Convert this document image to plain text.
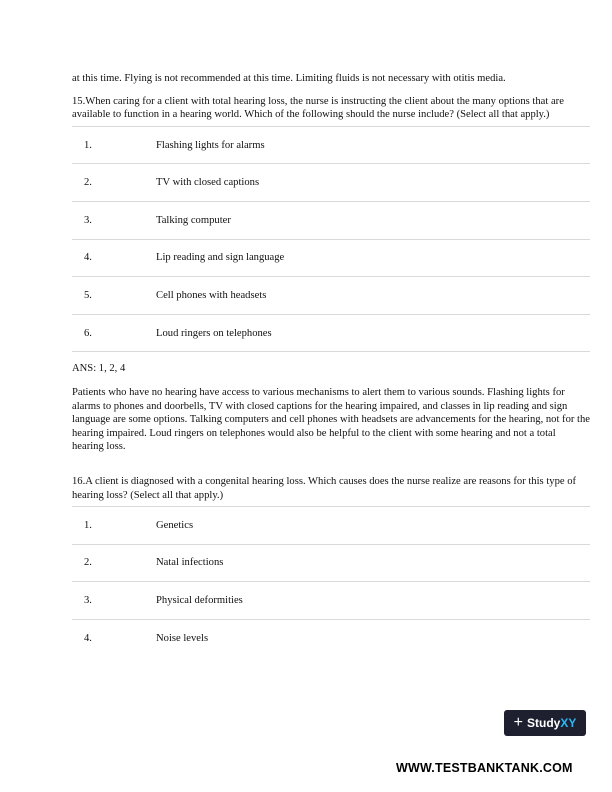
at this time. Flying is not recommended at this time. Limiting fluids is not necessary with otitis media.

15.When caring for a client with total hearing loss, the nurse is instructing the client about the many options that are available to function in a hearing world. Which of the following should the nurse include? (Select all that apply.)

1.	Flashing lights for alarms
2.	TV with closed captions
3.	Talking computer
4.	Lip reading and sign language
5.	Cell phones with headsets
6.	Loud ringers on telephones

ANS: 1, 2, 4

Patients who have no hearing have access to various mechanisms to alert them to various sounds. Flashing lights for alarms to phones and doorbells, TV with closed captions for the hearing impaired, and classes in lip reading and sign language are some options. Talking computers and cell phones with headsets are advancements for the hearing, not for the hearing impaired. Loud ringers on telephones would also be helpful to the client with some hearing and not a total hearing loss.

16.A client is diagnosed with a congenital hearing loss. Which causes does the nurse realize are reasons for this type of hearing loss? (Select all that apply.)

1.	Genetics
2.	Natal infections
3.	Physical deformities
4.	Noise levels
+ StudyXY
WWW.TESTBANKTANK.COM
